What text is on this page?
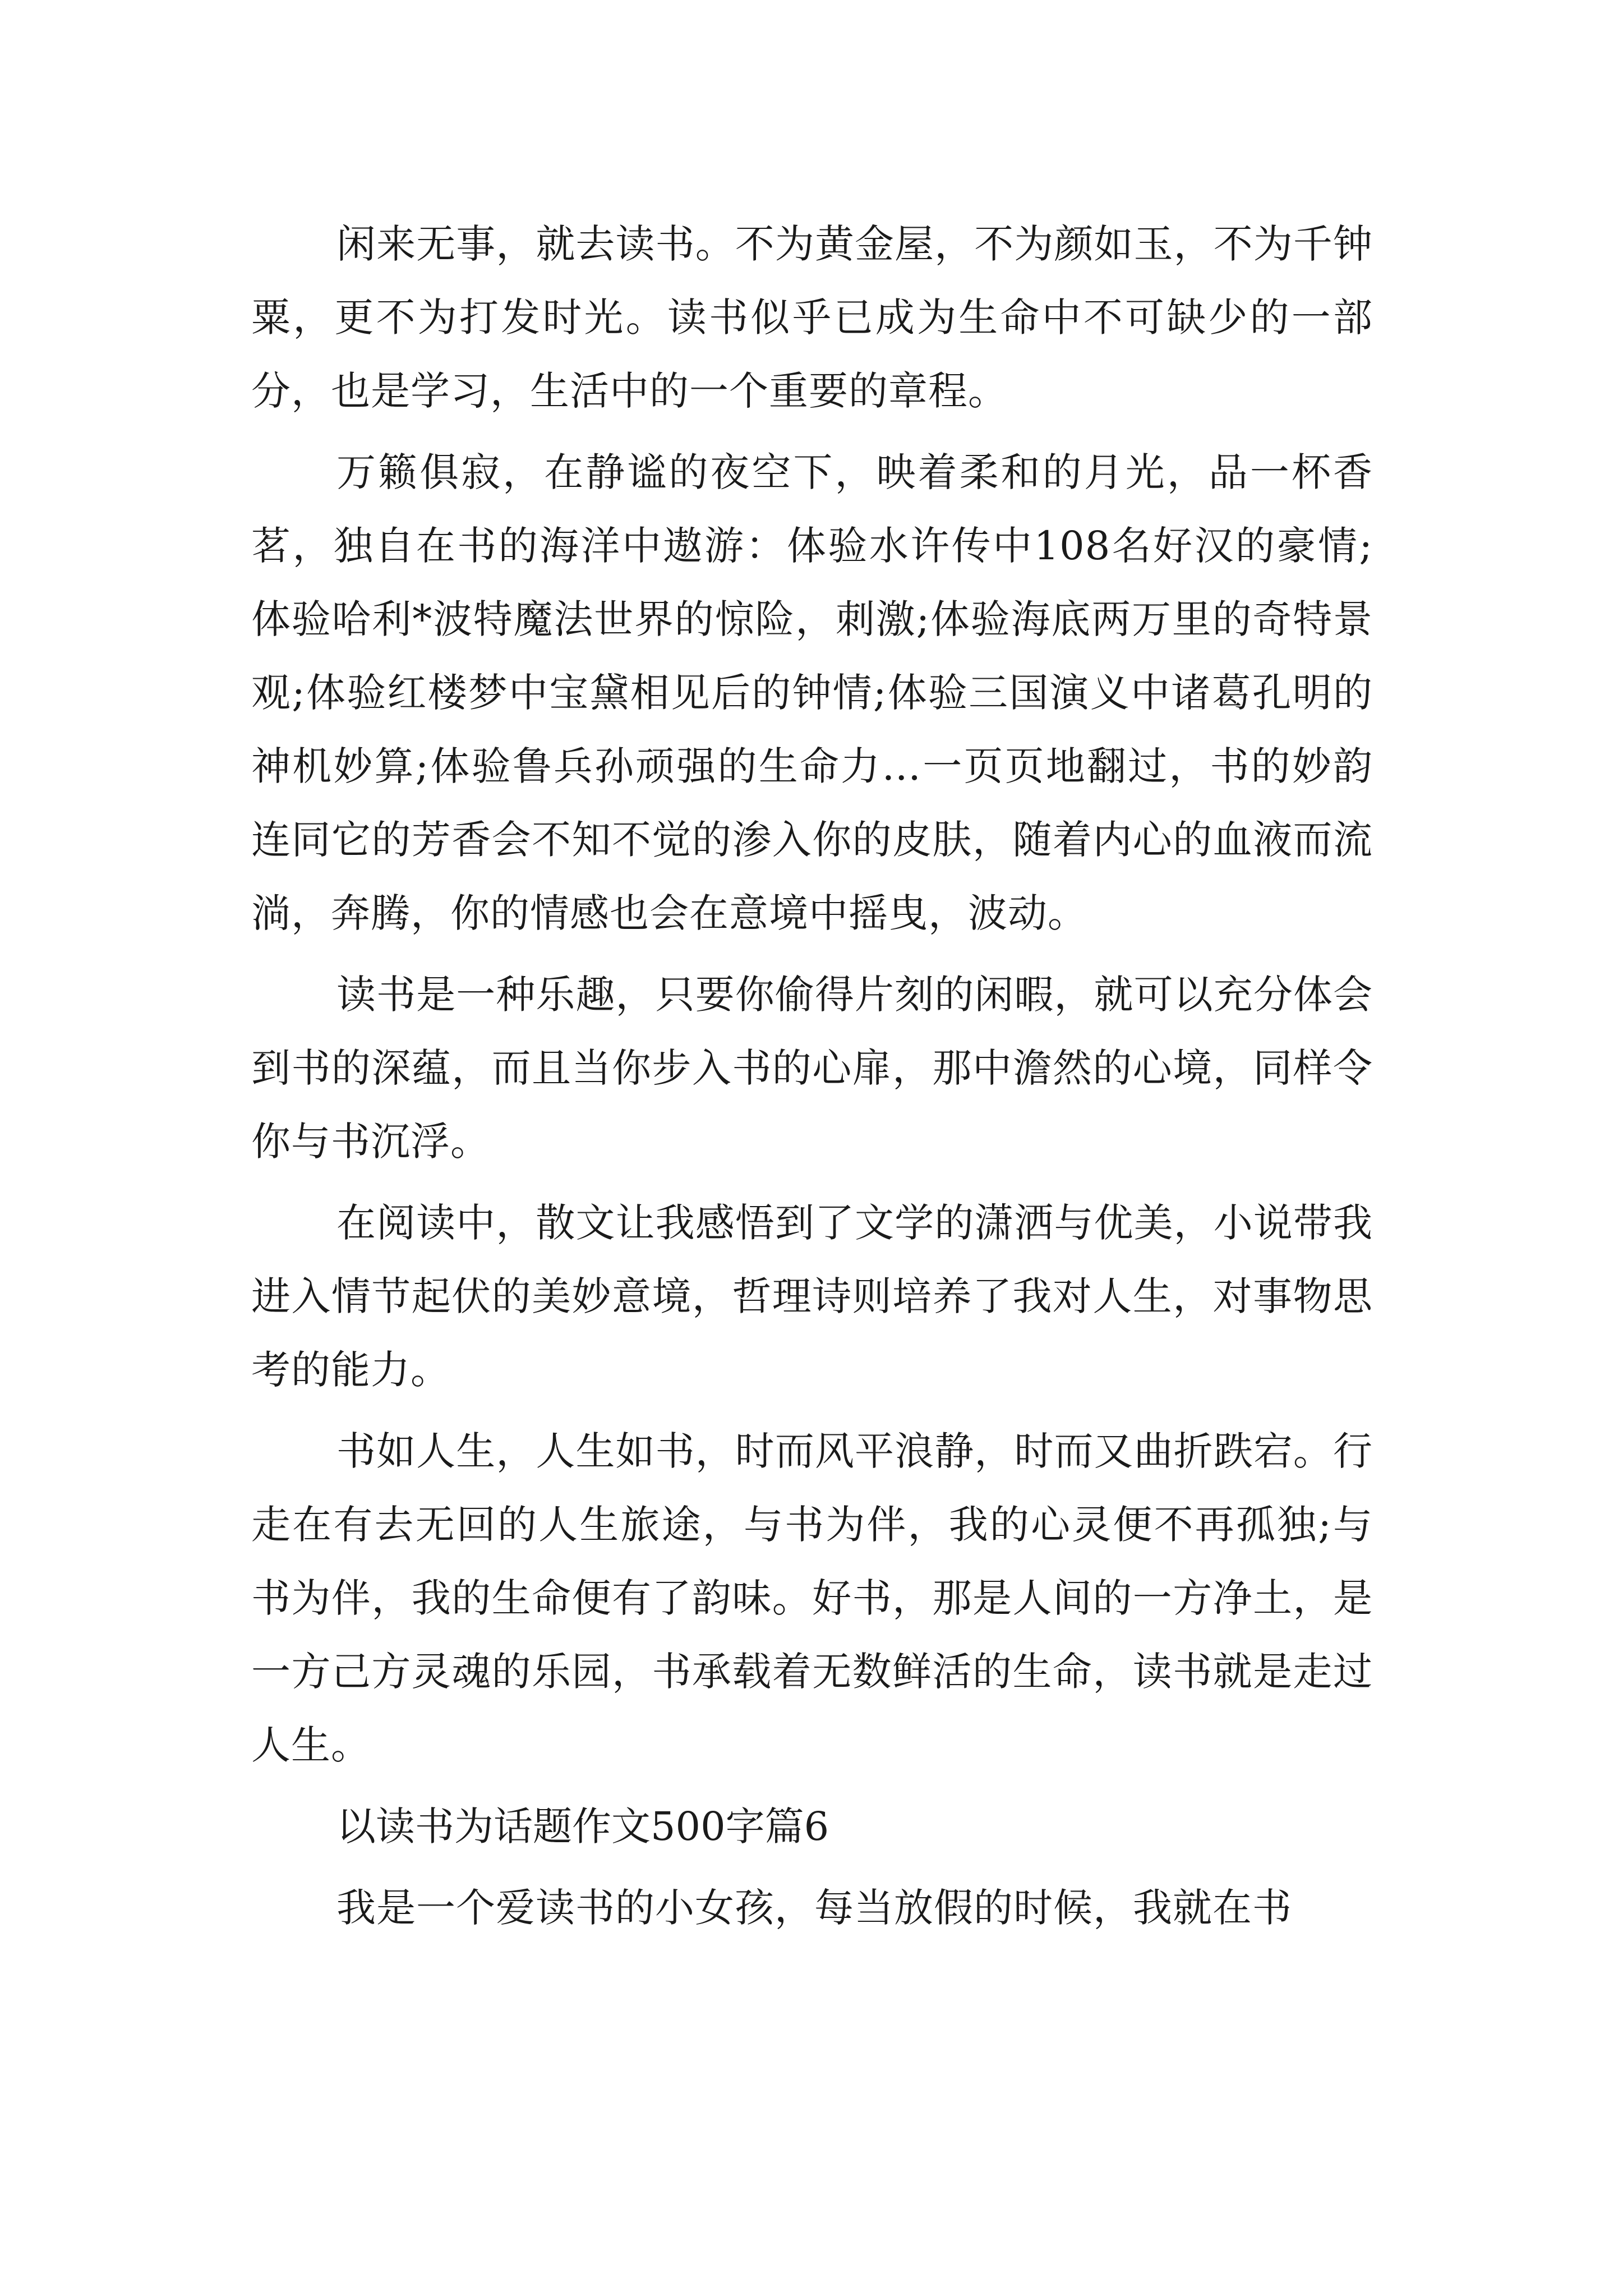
闲来无事，就去读书。不为黄金屋，不为颜如玉，不为千钟粟，更不为打发时光。读书似乎已成为生命中不可缺少的一部分，也是学习，生活中的一个重要的章程。

万籁俱寂，在静谧的夜空下，映着柔和的月光，品一杯香茗，独自在书的海洋中遨游：体验水许传中108名好汉的豪情;体验哈利*波特魔法世界的惊险，刺激;体验海底两万里的奇特景观;体验红楼梦中宝黛相见后的钟情;体验三国演义中诸葛孔明的神机妙算;体验鲁兵孙顽强的生命力…一页页地翻过，书的妙韵连同它的芳香会不知不觉的渗入你的皮肤，随着内心的血液而流淌，奔腾，你的情感也会在意境中摇曳，波动。

读书是一种乐趣，只要你偷得片刻的闲暇，就可以充分体会到书的深蕴，而且当你步入书的心扉，那中澹然的心境，同样令你与书沉浮。

在阅读中，散文让我感悟到了文学的潇洒与优美，小说带我进入情节起伏的美妙意境，哲理诗则培养了我对人生，对事物思考的能力。

书如人生，人生如书，时而风平浪静，时而又曲折跌宕。行走在有去无回的人生旅途，与书为伴，我的心灵便不再孤独;与书为伴，我的生命便有了韵味。好书，那是人间的一方净土，是一方己方灵魂的乐园，书承载着无数鲜活的生命，读书就是走过人生。

以读书为话题作文500字篇6

我是一个爱读书的小女孩，每当放假的时候，我就在书
